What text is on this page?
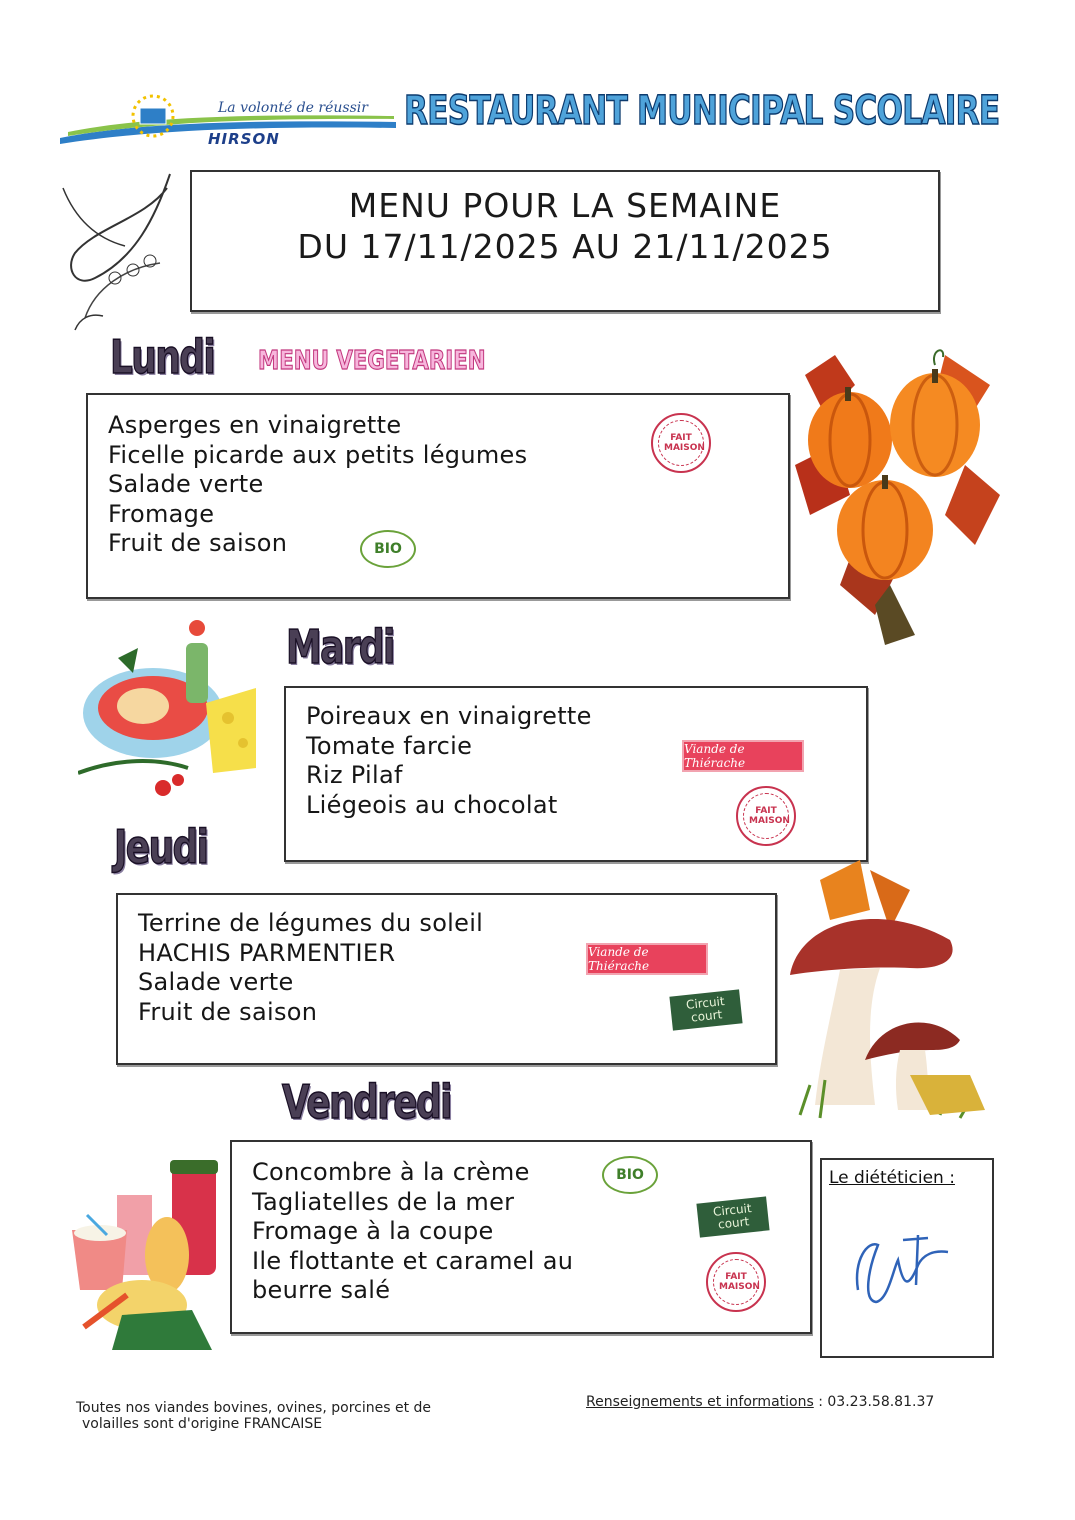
La volonté de réussir
HIRSON
RESTAURANT MUNICIPAL SCOLAIRE
MENU POUR LA SEMAINE
DU 17/11/2025 AU 21/11/2025
Lundi MENU VEGETARIEN
Asperges en vinaigrette
Ficelle picarde aux petits légumes
Salade verte
Fromage
Fruit de saison
FAIT MAISON
BIO
Mardi
Poireaux en vinaigrette
Tomate farcie
Riz Pilaf
Liégeois au chocolat
Viande de Thiérache
FAIT MAISON
Jeudi
Terrine de légumes du soleil
HACHIS PARMENTIER
Salade verte
Fruit de saison
Viande de Thiérache
Circuit
court
Vendredi
Concombre à la crème
Tagliatelles de la mer
Fromage à la coupe
Ile flottante et caramel au
beurre salé
BIO
Circuit
court
FAIT MAISON
Le diététicien :
Toutes nos viandes bovines, ovines, porcines et de
volailles sont d'origine FRANCAISE
Renseignements et informations : 03.23.58.81.37
